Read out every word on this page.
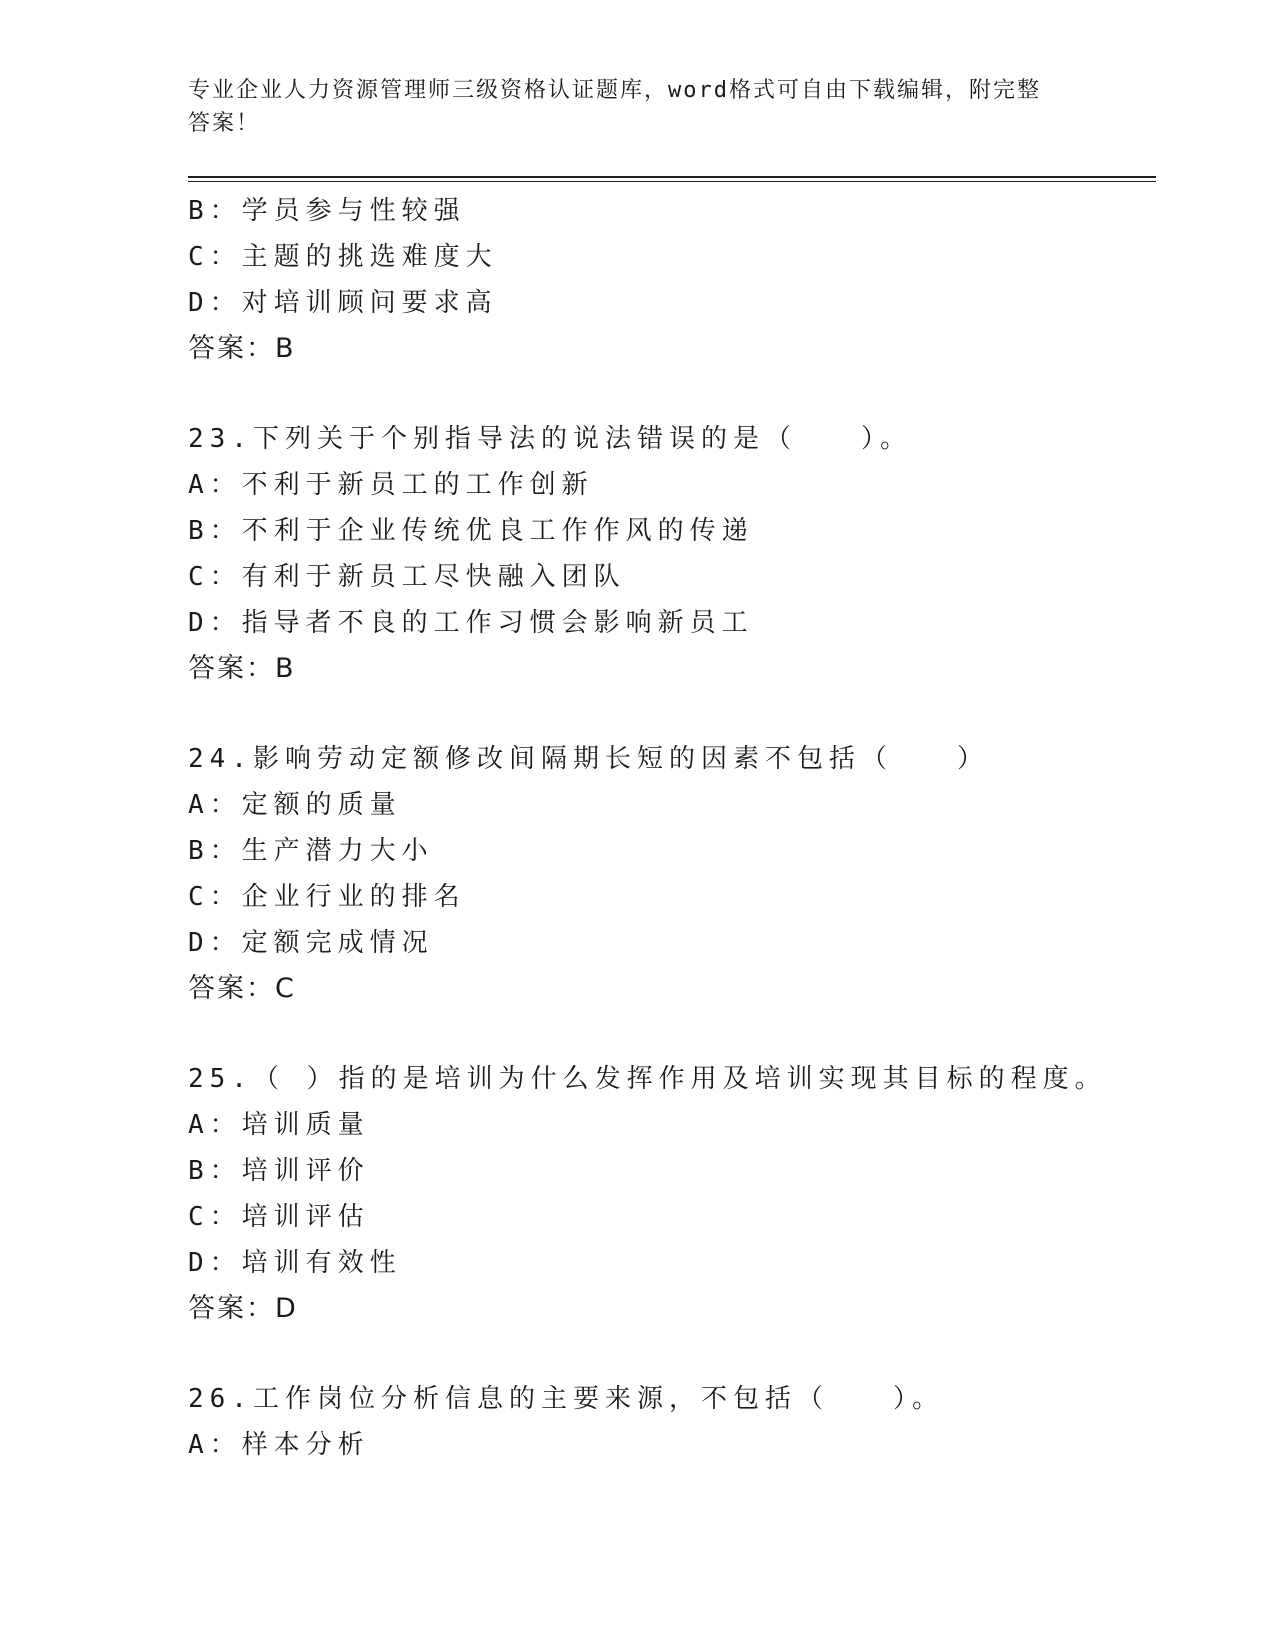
专业企业人力资源管理师三级资格认证题库，word格式可自由下载编辑，附完整
答案！
B：学员参与性较强
C：主题的挑选难度大
D：对培训顾问要求高
答案：B
23.下列关于个别指导法的说法错误的是（　　）。
A：不利于新员工的工作创新
B：不利于企业传统优良工作作风的传递
C：有利于新员工尽快融入团队
D：指导者不良的工作习惯会影响新员工
答案：B
24.影响劳动定额修改间隔期长短的因素不包括（　　）
A：定额的质量
B：生产潜力大小
C：企业行业的排名
D：定额完成情况
答案：C
25.（ ）指的是培训为什么发挥作用及培训实现其目标的程度。
A：培训质量
B：培训评价
C：培训评估
D：培训有效性
答案：D
26.工作岗位分析信息的主要来源，不包括（　　）。
A：样本分析
